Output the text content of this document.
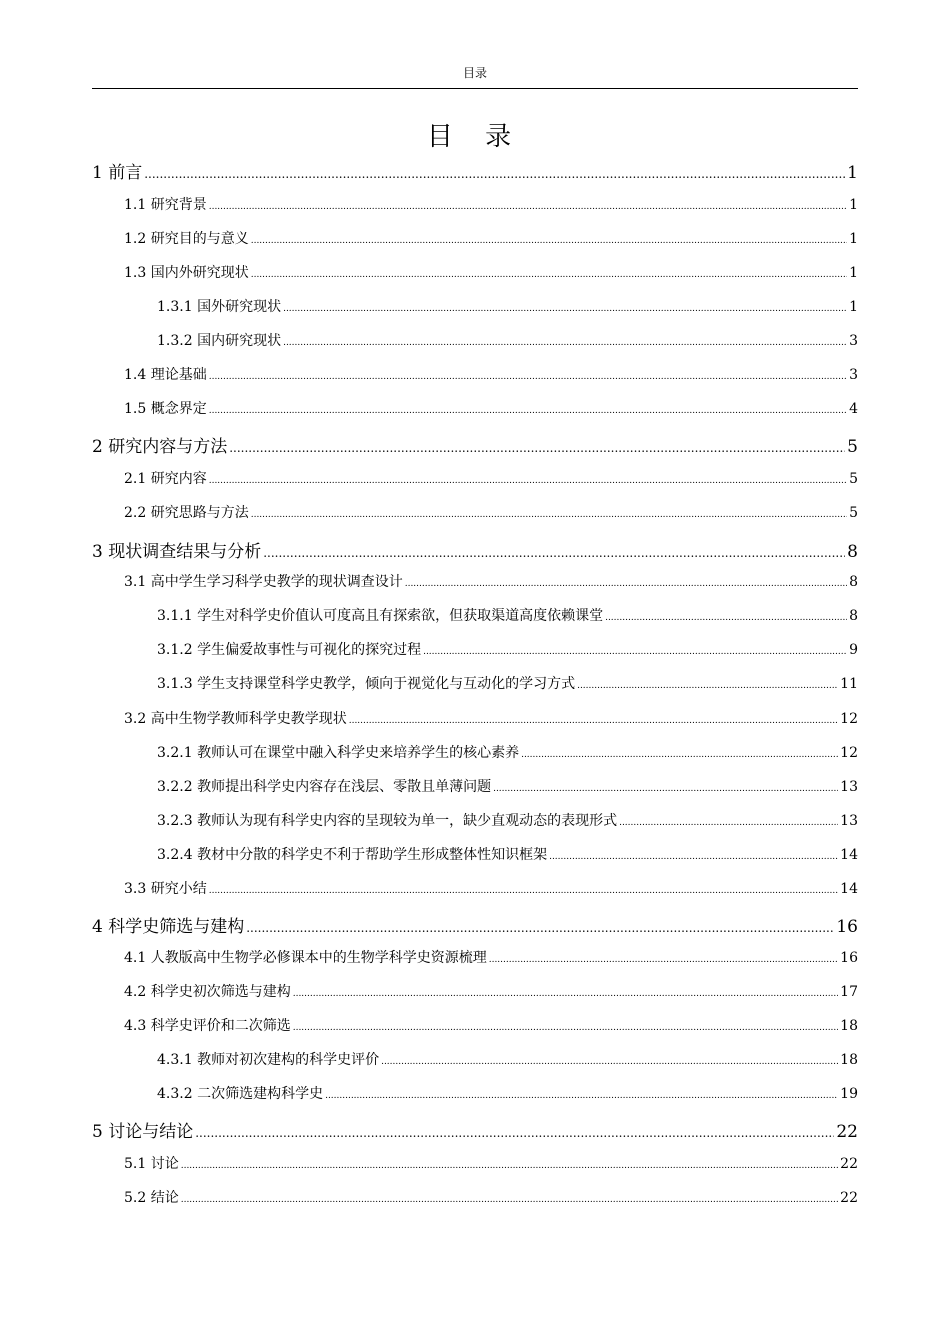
目录
目 录
1 前言 .....	1
1.1 研究背景 .....	1
1.2 研究目的与意义 .....	1
1.3 国内外研究现状 .....	1
1.3.1 国外研究现状 .....	1
1.3.2 国内研究现状 .....	3
1.4 理论基础 .....	3
1.5 概念界定 .....	4
2 研究内容与方法 .....	5
2.1 研究内容 .....	5
2.2 研究思路与方法 .....	5
3 现状调查结果与分析 .....	8
3.1 高中学生学习科学史教学的现状调查设计 .....	8
3.1.1 学生对科学史价值认可度高且有探索欲，但获取渠道高度依赖课堂 .....	8
3.1.2 学生偏爱故事性与可视化的探究过程 .....	9
3.1.3 学生支持课堂科学史教学，倾向于视觉化与互动化的学习方式 .....	11
3.2 高中生物学教师科学史教学现状 .....	12
3.2.1 教师认可在课堂中融入科学史来培养学生的核心素养 .....	12
3.2.2 教师提出科学史内容存在浅层、零散且单薄问题 .....	13
3.2.3 教师认为现有科学史内容的呈现较为单一，缺少直观动态的表现形式 .....	13
3.2.4 教材中分散的科学史不利于帮助学生形成整体性知识框架 .....	14
3.3 研究小结 .....	14
4 科学史筛选与建构 .....	16
4.1 人教版高中生物学必修课本中的生物学科学史资源梳理 .....	16
4.2 科学史初次筛选与建构 .....	17
4.3 科学史评价和二次筛选 .....	18
4.3.1 教师对初次建构的科学史评价 .....	18
4.3.2 二次筛选建构科学史 .....	19
5 讨论与结论 .....	22
5.1 讨论 .....	22
5.2 结论 .....	22
